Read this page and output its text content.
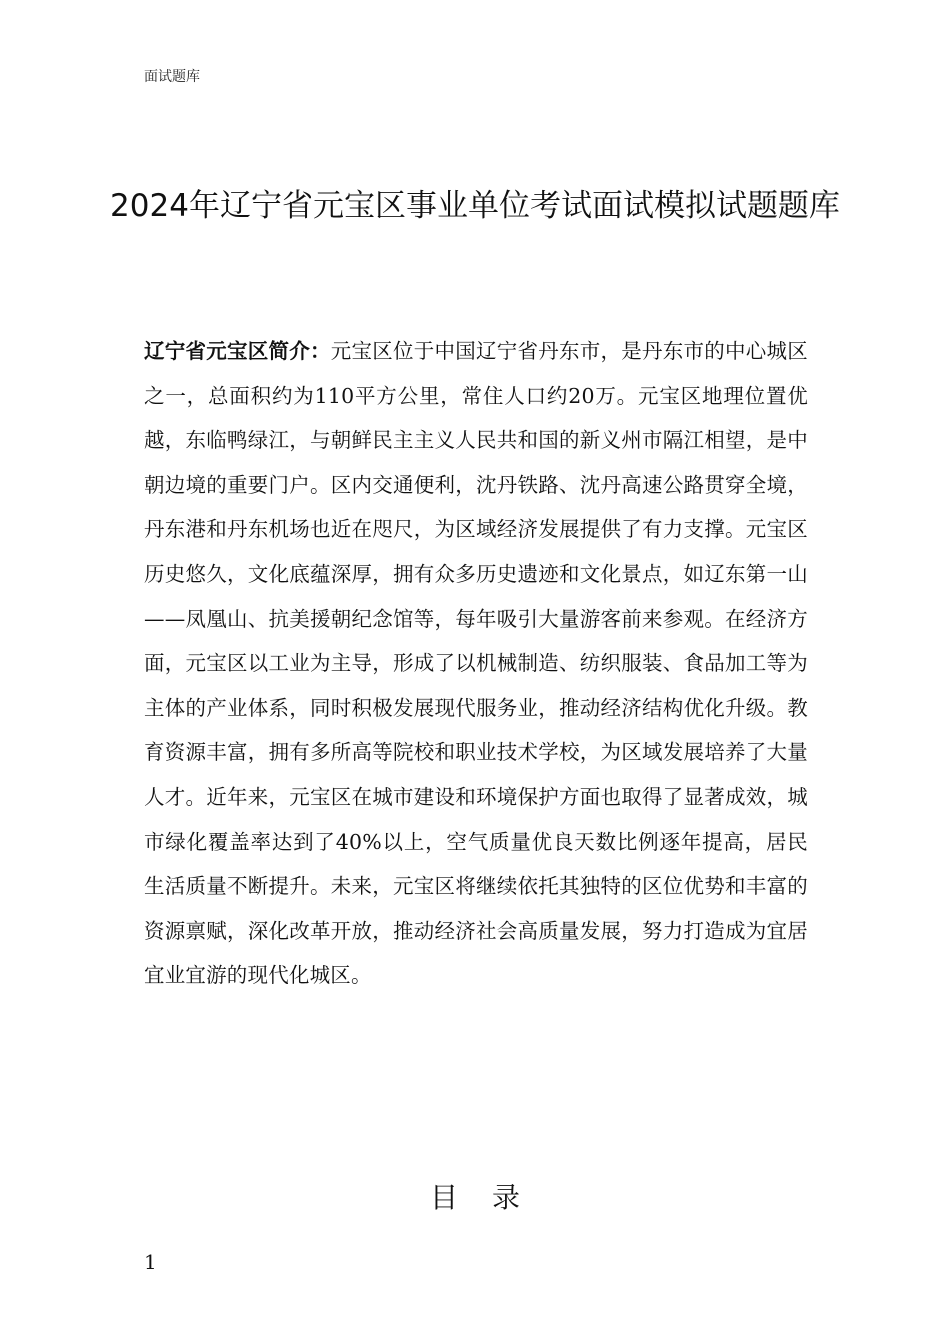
面试题库
2024年辽宁省元宝区事业单位考试面试模拟试题题库

辽宁省元宝区简介：元宝区位于中国辽宁省丹东市，是丹东市的中心城区之一，总面积约为110平方公里，常住人口约20万。元宝区地理位置优越，东临鸭绿江，与朝鲜民主主义人民共和国的新义州市隔江相望，是中朝边境的重要门户。区内交通便利，沈丹铁路、沈丹高速公路贯穿全境，丹东港和丹东机场也近在咫尺，为区域经济发展提供了有力支撑。元宝区历史悠久，文化底蕴深厚，拥有众多历史遗迹和文化景点，如辽东第一山——凤凰山、抗美援朝纪念馆等，每年吸引大量游客前来参观。在经济方面，元宝区以工业为主导，形成了以机械制造、纺织服装、食品加工等为主体的产业体系，同时积极发展现代服务业，推动经济结构优化升级。教育资源丰富，拥有多所高等院校和职业技术学校，为区域发展培养了大量人才。近年来，元宝区在城市建设和环境保护方面也取得了显著成效，城市绿化覆盖率达到了40%以上，空气质量优良天数比例逐年提高，居民生活质量不断提升。未来，元宝区将继续依托其独特的区位优势和丰富的资源禀赋，深化改革开放，推动经济社会高质量发展，努力打造成为宜居宜业宜游的现代化城区。

目录
1
